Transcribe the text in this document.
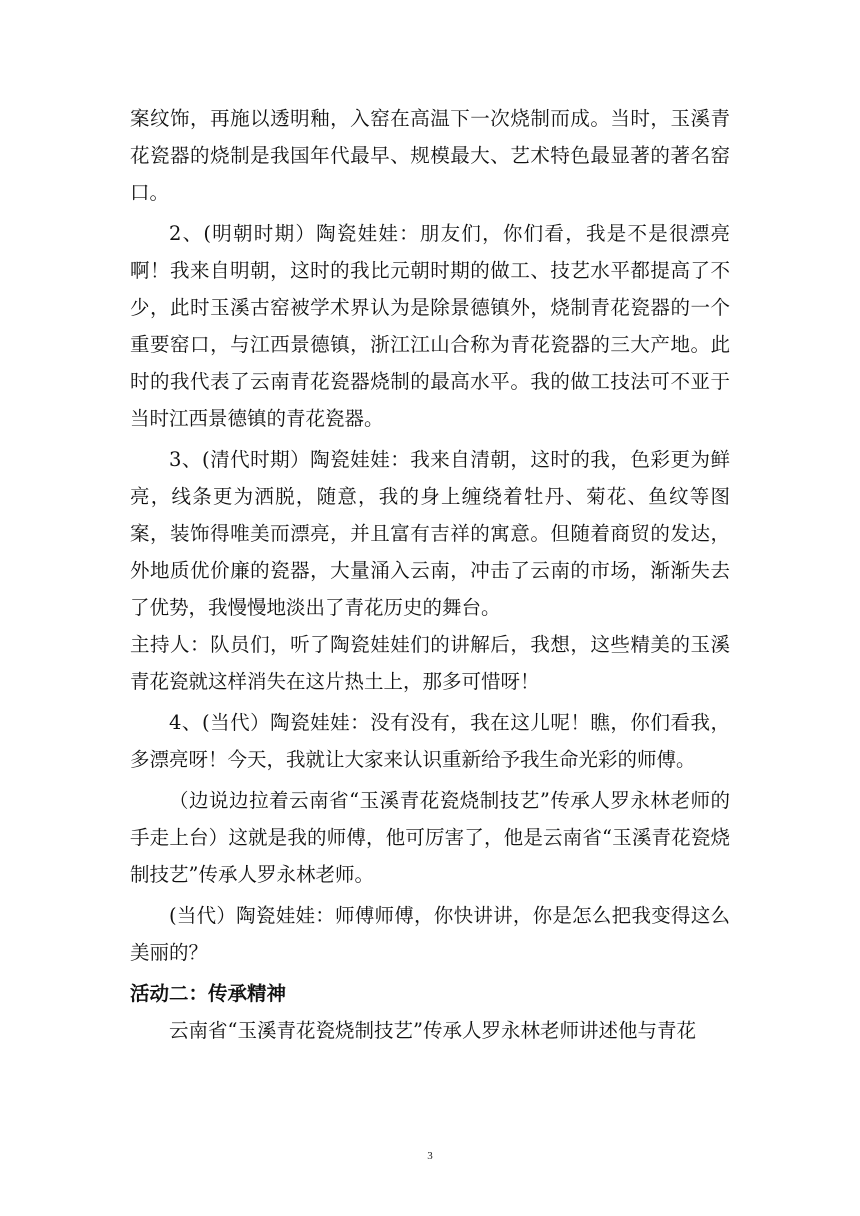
案纹饰，再施以透明釉，入窑在高温下一次烧制而成。当时，玉溪青花瓷器的烧制是我国年代最早、规模最大、艺术特色最显著的著名窑口。

2、(明朝时期）陶瓷娃娃：朋友们，你们看，我是不是很漂亮啊！我来自明朝，这时的我比元朝时期的做工、技艺水平都提高了不少，此时玉溪古窑被学术界认为是除景德镇外，烧制青花瓷器的一个重要窑口，与江西景德镇，浙江江山合称为青花瓷器的三大产地。此时的我代表了云南青花瓷器烧制的最高水平。我的做工技法可不亚于当时江西景德镇的青花瓷器。

3、(清代时期）陶瓷娃娃：我来自清朝，这时的我，色彩更为鲜亮，线条更为洒脱，随意，我的身上缠绕着牡丹、菊花、鱼纹等图案，装饰得唯美而漂亮，并且富有吉祥的寓意。但随着商贸的发达，外地质优价廉的瓷器，大量涌入云南，冲击了云南的市场，渐渐失去了优势，我慢慢地淡出了青花历史的舞台。

主持人：队员们，听了陶瓷娃娃们的讲解后，我想，这些精美的玉溪青花瓷就这样消失在这片热土上，那多可惜呀！

4、(当代）陶瓷娃娃：没有没有，我在这儿呢！瞧，你们看我，多漂亮呀！今天，我就让大家来认识重新给予我生命光彩的师傅。

（边说边拉着云南省“玉溪青花瓷烧制技艺”传承人罗永林老师的手走上台）这就是我的师傅，他可厉害了，他是云南省“玉溪青花瓷烧制技艺”传承人罗永林老师。

(当代）陶瓷娃娃：师傅师傅，你快讲讲，你是怎么把我变得这么美丽的？

活动二：传承精神

云南省“玉溪青花瓷烧制技艺”传承人罗永林老师讲述他与青花

3
